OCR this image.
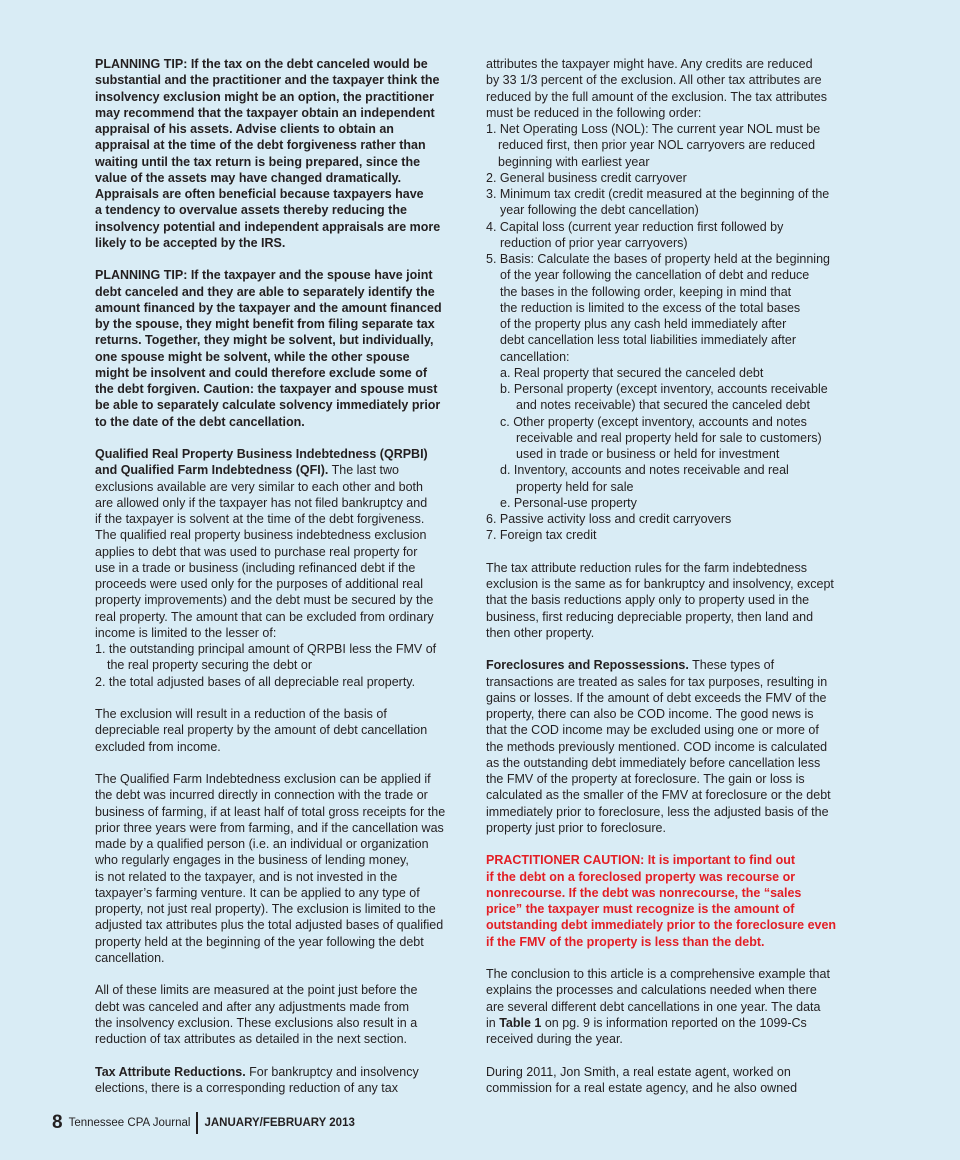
PLANNING TIP: If the tax on the debt canceled would be
substantial and the practitioner and the taxpayer think the
insolvency exclusion might be an option, the practitioner
may recommend that the taxpayer obtain an independent
appraisal of his assets. Advise clients to obtain an
appraisal at the time of the debt forgiveness rather than
waiting until the tax return is being prepared, since the
value of the assets may have changed dramatically.
Appraisals are often beneficial because taxpayers have
a tendency to overvalue assets thereby reducing the
insolvency potential and independent appraisals are more
likely to be accepted by the IRS.
PLANNING TIP: If the taxpayer and the spouse have joint
debt canceled and they are able to separately identify the
amount financed by the taxpayer and the amount financed
by the spouse, they might benefit from filing separate tax
returns. Together, they might be solvent, but individually,
one spouse might be solvent, while the other spouse
might be insolvent and could therefore exclude some of
the debt forgiven. Caution: the taxpayer and spouse must
be able to separately calculate solvency immediately prior
to the date of the debt cancellation.
Qualified Real Property Business Indebtedness (QRPBI)
and Qualified Farm Indebtedness (QFI). The last two
exclusions available are very similar to each other and both
are allowed only if the taxpayer has not filed bankruptcy and
if the taxpayer is solvent at the time of the debt forgiveness.
The qualified real property business indebtedness exclusion
applies to debt that was used to purchase real property for
use in a trade or business (including refinanced debt if the
proceeds were used only for the purposes of additional real
property improvements) and the debt must be secured by the
real property. The amount that can be excluded from ordinary
income is limited to the lesser of:
1. the outstanding principal amount of QRPBI less the FMV of
the real property securing the debt or
2. the total adjusted bases of all depreciable real property.
The exclusion will result in a reduction of the basis of
depreciable real property by the amount of debt cancellation
excluded from income.
The Qualified Farm Indebtedness exclusion can be applied if
the debt was incurred directly in connection with the trade or
business of farming, if at least half of total gross receipts for the
prior three years were from farming, and if the cancellation was
made by a qualified person (i.e. an individual or organization
who regularly engages in the business of lending money,
is not related to the taxpayer, and is not invested in the
taxpayer’s farming venture. It can be applied to any type of
property, not just real property). The exclusion is limited to the
adjusted tax attributes plus the total adjusted bases of qualified
property held at the beginning of the year following the debt
cancellation.
All of these limits are measured at the point just before the
debt was canceled and after any adjustments made from
the insolvency exclusion. These exclusions also result in a
reduction of tax attributes as detailed in the next section.
Tax Attribute Reductions. For bankruptcy and insolvency
elections, there is a corresponding reduction of any tax
attributes the taxpayer might have. Any credits are reduced
by 33 1/3 percent of the exclusion. All other tax attributes are
reduced by the full amount of the exclusion. The tax attributes
must be reduced in the following order:
1. Net Operating Loss (NOL): The current year NOL must be
reduced first, then prior year NOL carryovers are reduced
beginning with earliest year
2. General business credit carryover
3. Minimum tax credit (credit measured at the beginning of the
year following the debt cancellation)
4. Capital loss (current year reduction first followed by
reduction of prior year carryovers)
5. Basis: Calculate the bases of property held at the beginning
of the year following the cancellation of debt and reduce
the bases in the following order, keeping in mind that
the reduction is limited to the excess of the total bases
of the property plus any cash held immediately after
debt cancellation less total liabilities immediately after
cancellation:
a. Real property that secured the canceled debt
b. Personal property (except inventory, accounts receivable
and notes receivable) that secured the canceled debt
c. Other property (except inventory, accounts and notes
receivable and real property held for sale to customers)
used in trade or business or held for investment
d. Inventory, accounts and notes receivable and real
property held for sale
e. Personal-use property
6. Passive activity loss and credit carryovers
7. Foreign tax credit
The tax attribute reduction rules for the farm indebtedness
exclusion is the same as for bankruptcy and insolvency, except
that the basis reductions apply only to property used in the
business, first reducing depreciable property, then land and
then other property.
Foreclosures and Repossessions. These types of
transactions are treated as sales for tax purposes, resulting in
gains or losses. If the amount of debt exceeds the FMV of the
property, there can also be COD income. The good news is
that the COD income may be excluded using one or more of
the methods previously mentioned. COD income is calculated
as the outstanding debt immediately before cancellation less
the FMV of the property at foreclosure. The gain or loss is
calculated as the smaller of the FMV at foreclosure or the debt
immediately prior to foreclosure, less the adjusted basis of the
property just prior to foreclosure.
PRACTITIONER CAUTION: It is important to find out
if the debt on a foreclosed property was recourse or
nonrecourse. If the debt was nonrecourse, the “sales
price” the taxpayer must recognize is the amount of
outstanding debt immediately prior to the foreclosure even
if the FMV of the property is less than the debt.
The conclusion to this article is a comprehensive example that
explains the processes and calculations needed when there
are several different debt cancellations in one year. The data
in Table 1 on pg. 9 is information reported on the 1099-Cs
received during the year.
During 2011, Jon Smith, a real estate agent, worked on
commission for a real estate agency, and he also owned
8 Tennessee CPA Journal JANUARY/FEBRUARY 2013
